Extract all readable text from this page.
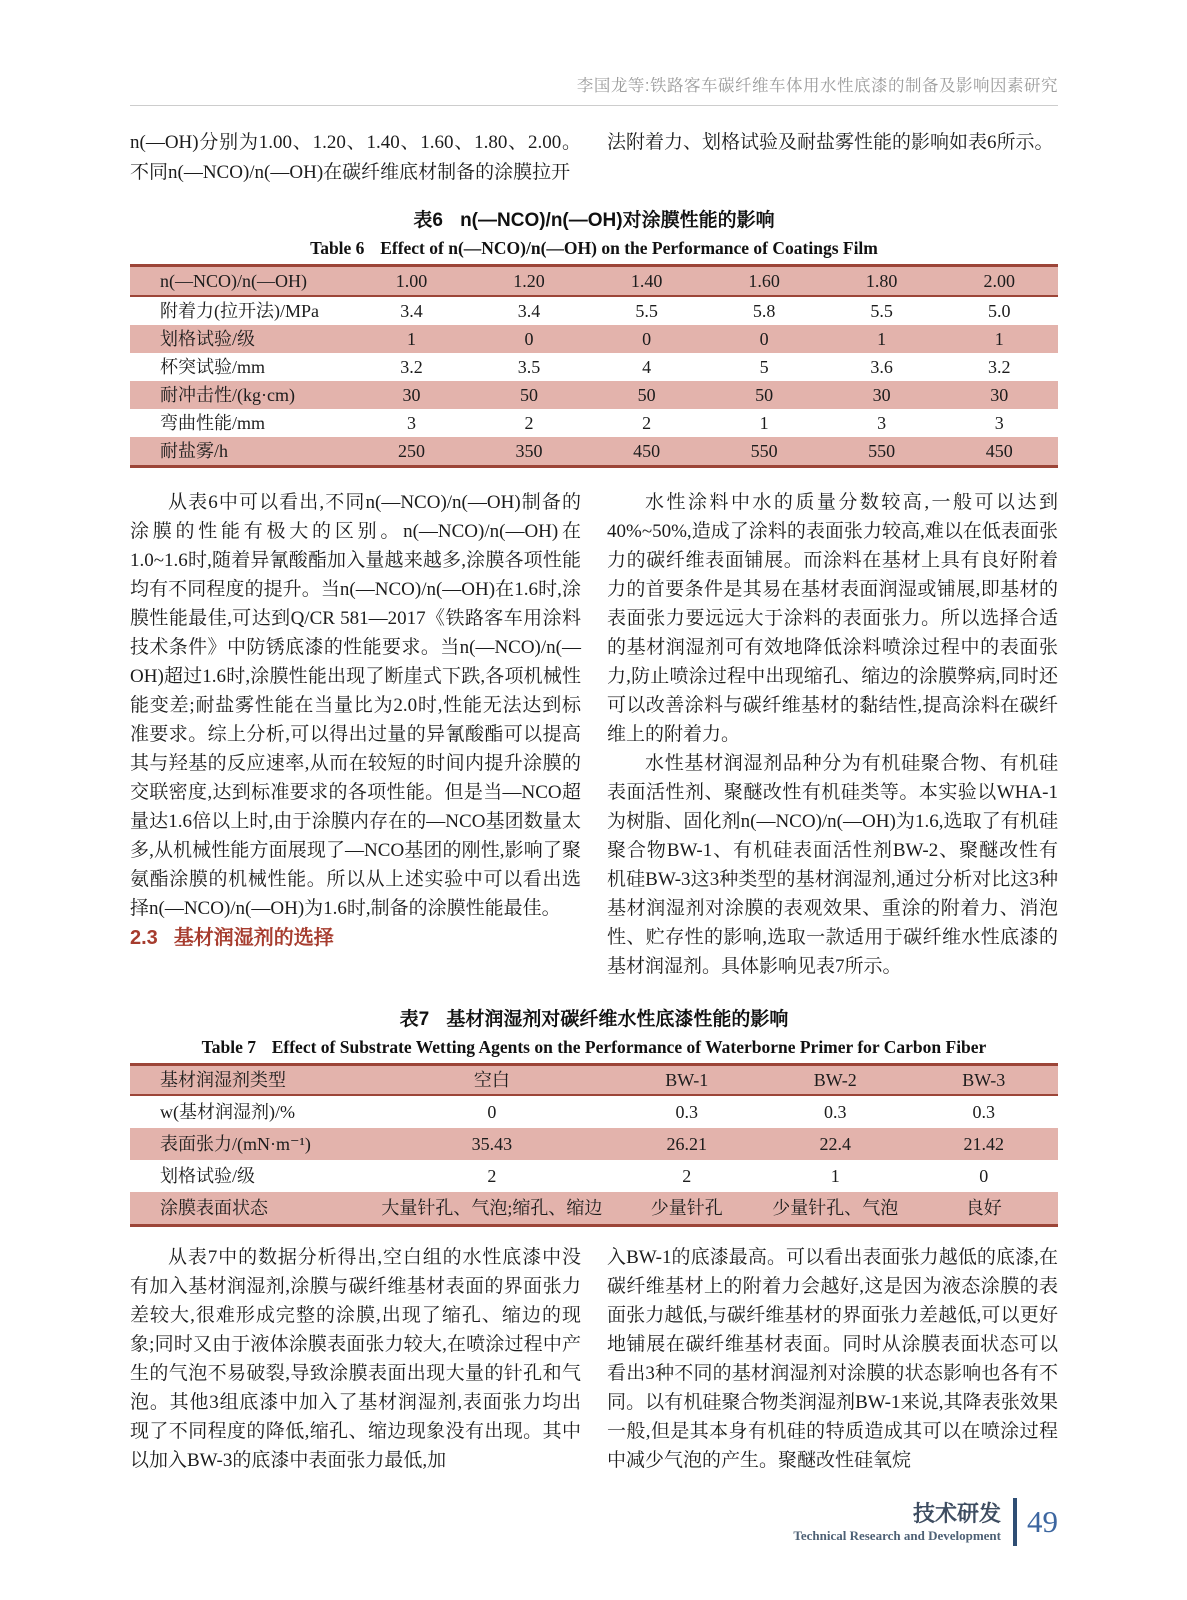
李国龙等:铁路客车碳纤维车体用水性底漆的制备及影响因素研究

n(—OH)分别为1.00、1.20、1.40、1.60、1.80、2.00。不同n(—NCO)/n(—OH)在碳纤维底材制备的涂膜拉开

法附着力、划格试验及耐盐雾性能的影响如表6所示。

表6 n(—NCO)/n(—OH)对涂膜性能的影响
Table 6 Effect of n(—NCO)/n(—OH) on the Performance of Coatings Film
n(—NCO)/n(—OH)	1.00	1.20	1.40	1.60	1.80	2.00
附着力(拉开法)/MPa	3.4	3.4	5.5	5.8	5.5	5.0
划格试验/级	1	0	0	0	1	1
杯突试验/mm	3.2	3.5	4	5	3.6	3.2
耐冲击性/(kg·cm)	30	50	50	50	30	30
弯曲性能/mm	3	2	2	1	3	3
耐盐雾/h	250	350	450	550	550	450

从表6中可以看出,不同n(—NCO)/n(—OH)制备的涂膜的性能有极大的区别。n(—NCO)/n(—OH)在1.0~1.6时,随着异氰酸酯加入量越来越多,涂膜各项性能均有不同程度的提升。当n(—NCO)/n(—OH)在1.6时,涂膜性能最佳,可达到Q/CR 581—2017《铁路客车用涂料技术条件》中防锈底漆的性能要求。当n(—NCO)/n(—OH)超过1.6时,涂膜性能出现了断崖式下跌,各项机械性能变差;耐盐雾性能在当量比为2.0时,性能无法达到标准要求。综上分析,可以得出过量的异氰酸酯可以提高其与羟基的反应速率,从而在较短的时间内提升涂膜的交联密度,达到标准要求的各项性能。但是当—NCO超量达1.6倍以上时,由于涂膜内存在的—NCO基团数量太多,从机械性能方面展现了—NCO基团的刚性,影响了聚氨酯涂膜的机械性能。所以从上述实验中可以看出选择n(—NCO)/n(—OH)为1.6时,制备的涂膜性能最佳。

2.3 基材润湿剂的选择

水性涂料中水的质量分数较高,一般可以达到40%~50%,造成了涂料的表面张力较高,难以在低表面张力的碳纤维表面铺展。而涂料在基材上具有良好附着力的首要条件是其易在基材表面润湿或铺展,即基材的表面张力要远远大于涂料的表面张力。所以选择合适的基材润湿剂可有效地降低涂料喷涂过程中的表面张力,防止喷涂过程中出现缩孔、缩边的涂膜弊病,同时还可以改善涂料与碳纤维基材的黏结性,提高涂料在碳纤维上的附着力。

水性基材润湿剂品种分为有机硅聚合物、有机硅表面活性剂、聚醚改性有机硅类等。本实验以WHA-1为树脂、固化剂n(—NCO)/n(—OH)为1.6,选取了有机硅聚合物BW-1、有机硅表面活性剂BW-2、聚醚改性有机硅BW-3这3种类型的基材润湿剂,通过分析对比这3种基材润湿剂对涂膜的表观效果、重涂的附着力、消泡性、贮存性的影响,选取一款适用于碳纤维水性底漆的基材润湿剂。具体影响见表7所示。

表7 基材润湿剂对碳纤维水性底漆性能的影响
Table 7 Effect of Substrate Wetting Agents on the Performance of Waterborne Primer for Carbon Fiber
基材润湿剂类型	空白	BW-1	BW-2	BW-3
w(基材润湿剂)/%	0	0.3	0.3	0.3
表面张力/(mN·m⁻¹)	35.43	26.21	22.4	21.42
划格试验/级	2	2	1	0
涂膜表面状态	大量针孔、气泡;缩孔、缩边	少量针孔	少量针孔、气泡	良好

从表7中的数据分析得出,空白组的水性底漆中没有加入基材润湿剂,涂膜与碳纤维基材表面的界面张力差较大,很难形成完整的涂膜,出现了缩孔、缩边的现象;同时又由于液体涂膜表面张力较大,在喷涂过程中产生的气泡不易破裂,导致涂膜表面出现大量的针孔和气泡。其他3组底漆中加入了基材润湿剂,表面张力均出现了不同程度的降低,缩孔、缩边现象没有出现。其中以加入BW-3的底漆中表面张力最低,加

入BW-1的底漆最高。可以看出表面张力越低的底漆,在碳纤维基材上的附着力会越好,这是因为液态涂膜的表面张力越低,与碳纤维基材的界面张力差越低,可以更好地铺展在碳纤维基材表面。同时从涂膜表面状态可以看出3种不同的基材润湿剂对涂膜的状态影响也各有不同。以有机硅聚合物类润湿剂BW-1来说,其降表张效果一般,但是其本身有机硅的特质造成其可以在喷涂过程中减少气泡的产生。聚醚改性硅氧烷

技术研发
Technical Research and Development 49
